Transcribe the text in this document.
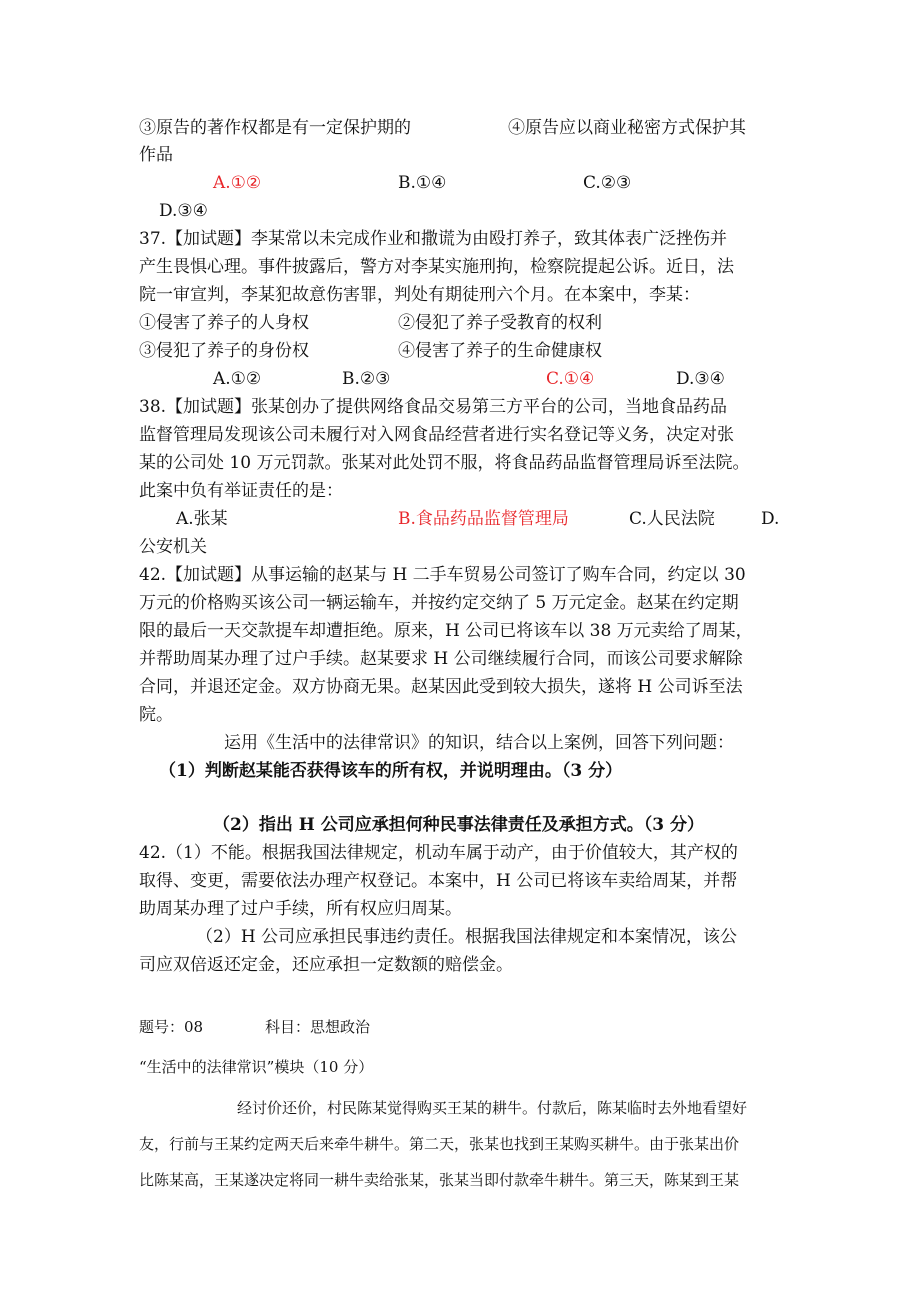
③原告的著作权都是有一定保护期的	④原告应以商业秘密方式保护其
作品
A.①②	B.①④	C.②③
D.③④
37.【加试题】李某常以未完成作业和撒谎为由殴打养子，致其体表广泛挫伤并
产生畏惧心理。事件披露后，警方对李某实施刑拘，检察院提起公诉。近日，法
院一审宣判，李某犯故意伤害罪，判处有期徒刑六个月。在本案中，李某：
①侵害了养子的人身权	②侵犯了养子受教育的权利
③侵犯了养子的身份权	④侵害了养子的生命健康权
A.①②	B.②③	C.①④	D.③④
38.【加试题】张某创办了提供网络食品交易第三方平台的公司，当地食品药品
监督管理局发现该公司未履行对入网食品经营者进行实名登记等义务，决定对张
某的公司处 10 万元罚款。张某对此处罚不服，将食品药品监督管理局诉至法院。
此案中负有举证责任的是：
A.张某	B.食品药品监督管理局	C.人民法院	D.
公安机关
42.【加试题】从事运输的赵某与 H 二手车贸易公司签订了购车合同，约定以 30
万元的价格购买该公司一辆运输车，并按约定交纳了 5 万元定金。赵某在约定期
限的最后一天交款提车却遭拒绝。原来，H 公司已将该车以 38 万元卖给了周某，
并帮助周某办理了过户手续。赵某要求 H 公司继续履行合同，而该公司要求解除
合同，并退还定金。双方协商无果。赵某因此受到较大损失，遂将 H 公司诉至法
院。
运用《生活中的法律常识》的知识，结合以上案例，回答下列问题：
（1）判断赵某能否获得该车的所有权，并说明理由。（3 分）
（2）指出 H 公司应承担何种民事法律责任及承担方式。（3 分）
42.（1）不能。根据我国法律规定，机动车属于动产，由于价值较大，其产权的
取得、变更，需要依法办理产权登记。本案中，H 公司已将该车卖给周某，并帮
助周某办理了过户手续，所有权应归周某。
（2）H 公司应承担民事违约责任。根据我国法律规定和本案情况，该公
司应双倍返还定金，还应承担一定数额的赔偿金。
题号：08	科目：思想政治
“生活中的法律常识”模块（10 分）
经讨价还价，村民陈某觉得购买王某的耕牛。付款后，陈某临时去外地看望好
友，行前与王某约定两天后来牵牛耕牛。第二天，张某也找到王某购买耕牛。由于张某出价
比陈某高，王某遂决定将同一耕牛卖给张某，张某当即付款牵牛耕牛。第三天，陈某到王某
